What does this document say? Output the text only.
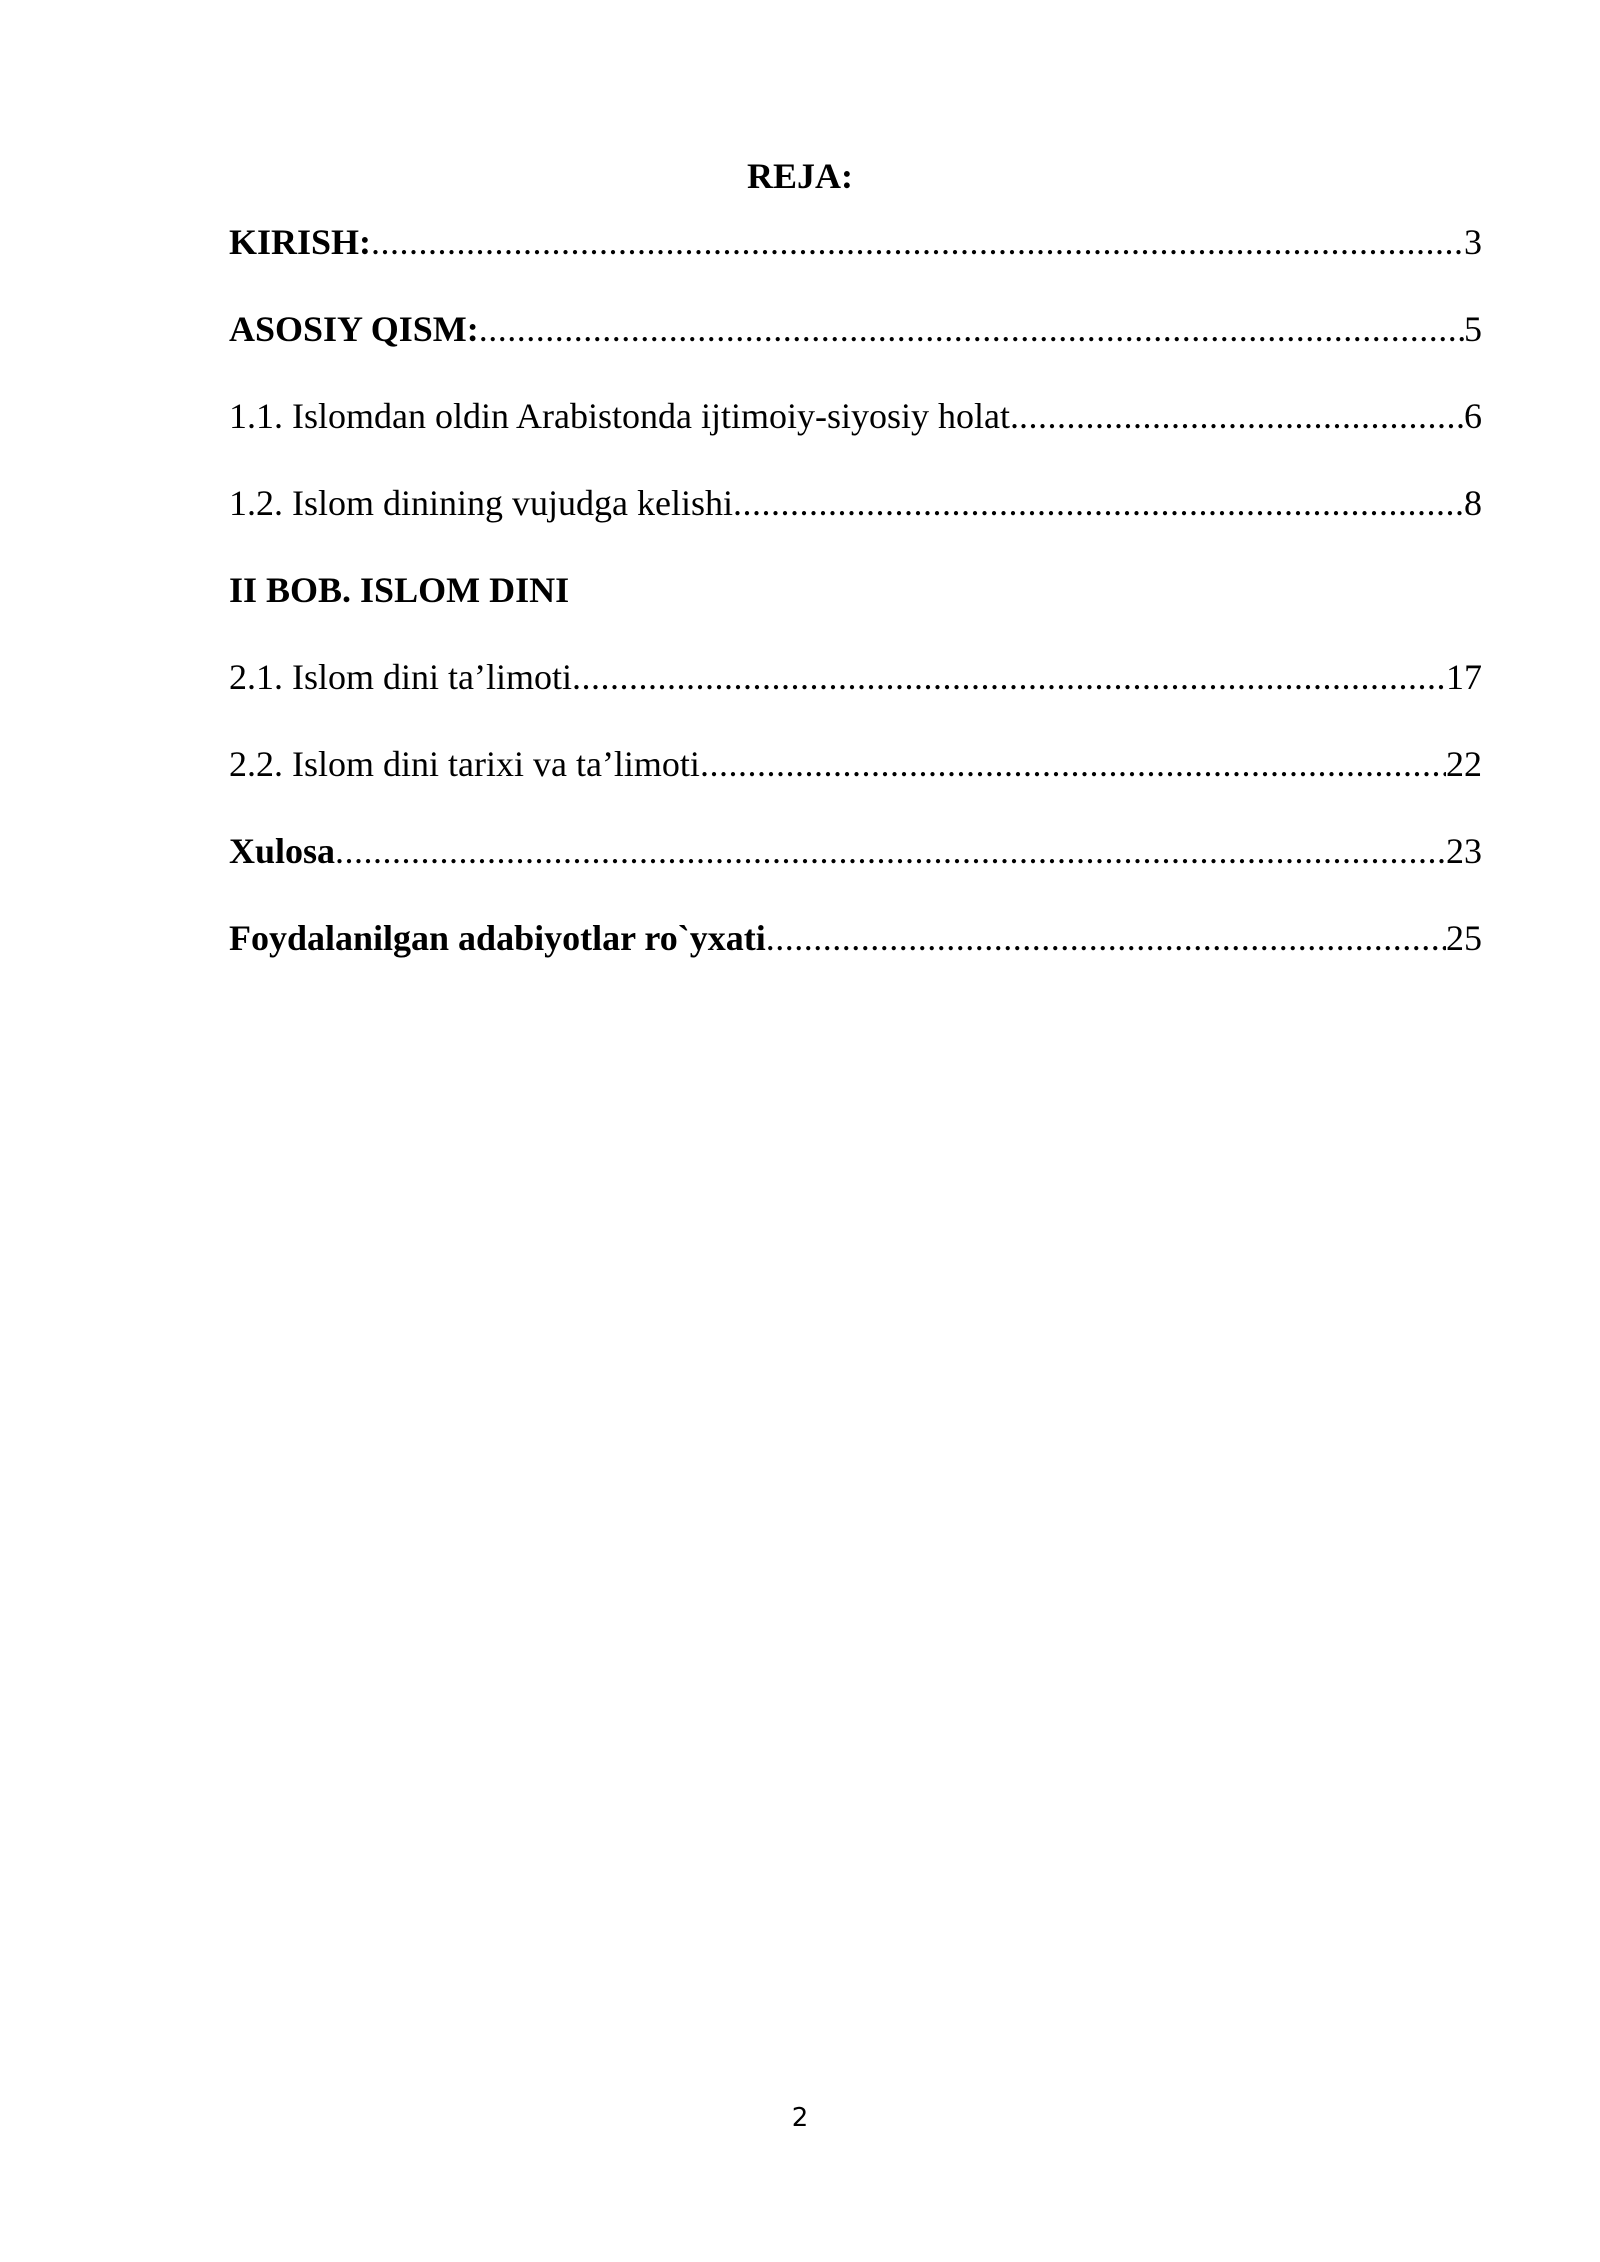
REJA:
KIRISH: .....	3
ASOSIY QISM: .....	5
1.1. Islomdan oldin Arabistonda ijtimoiy-siyosiy holat. .....	6
1.2. Islom dinining vujudga kelishi .....	8
II BOB. ISLOM DINI
2.1. Islom dini ta’limoti .....	17
2.2. Islom dini tarixi va ta’limoti .....	22
Xulosa .....	23
Foydalanilgan adabiyotlar ro`yxati .....	25
2
